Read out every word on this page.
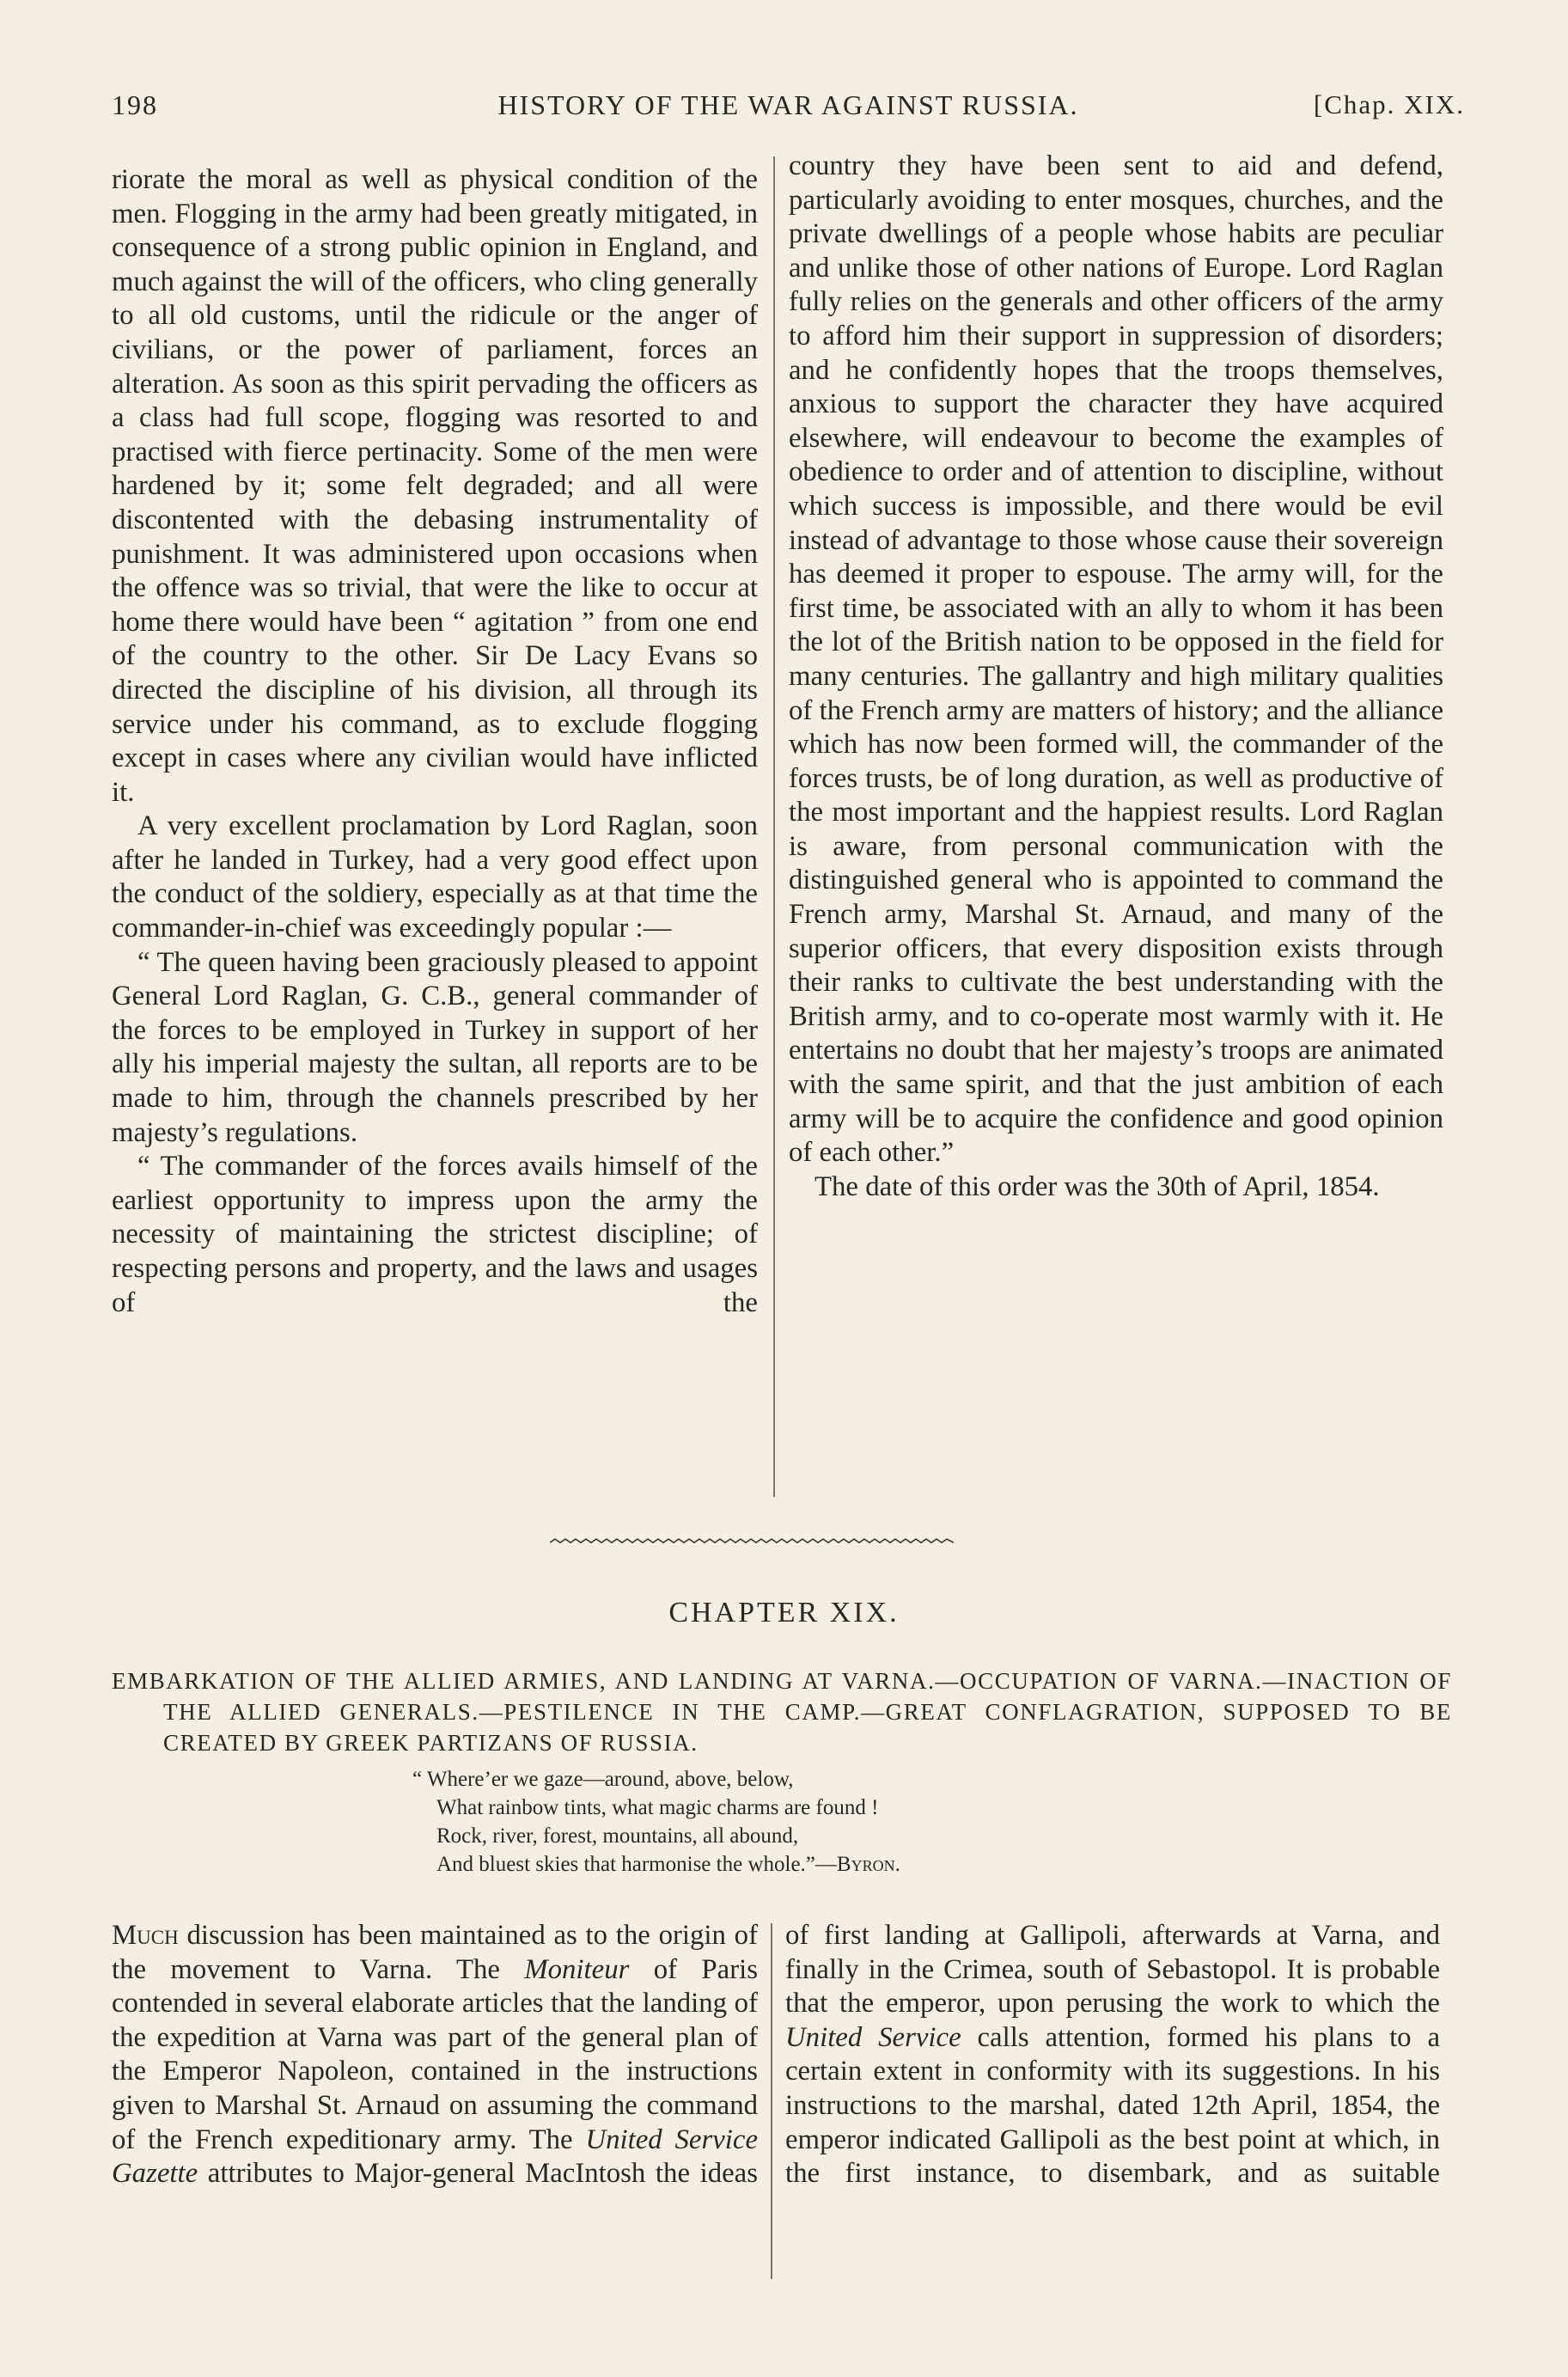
198	HISTORY OF THE WAR AGAINST RUSSIA.	[Chap. XIX.

riorate the moral as well as physical condition of the men. Flogging in the army had been greatly mitigated, in consequence of a strong public opinion in England, and much against the will of the officers, who cling generally to all old customs, until the ridicule or the anger of civilians, or the power of parliament, forces an alteration. As soon as this spirit pervading the officers as a class had full scope, flogging was resorted to and practised with fierce pertinacity. Some of the men were hardened by it; some felt degraded; and all were discontented with the debasing instrumentality of punishment. It was administered upon occasions when the offence was so trivial, that were the like to occur at home there would have been “ agitation ” from one end of the country to the other. Sir De Lacy Evans so directed the discipline of his division, all through its service under his command, as to exclude flogging except in cases where any civilian would have inflicted it.

A very excellent proclamation by Lord Raglan, soon after he landed in Turkey, had a very good effect upon the conduct of the soldiery, especially as at that time the commander-in-chief was exceedingly popular :—

“ The queen having been graciously pleased to appoint General Lord Raglan, G. C.B., general commander of the forces to be employed in Turkey in support of her ally his imperial majesty the sultan, all reports are to be made to him, through the channels prescribed by her majesty’s regulations.

“ The commander of the forces avails himself of the earliest opportunity to impress upon the army the necessity of maintaining the strictest discipline; of respecting persons and property, and the laws and usages of the

country they have been sent to aid and defend, particularly avoiding to enter mosques, churches, and the private dwellings of a people whose habits are peculiar and unlike those of other nations of Europe. Lord Raglan fully relies on the generals and other officers of the army to afford him their support in suppression of disorders; and he confidently hopes that the troops themselves, anxious to support the character they have acquired elsewhere, will endeavour to become the examples of obedience to order and of attention to discipline, without which success is impossible, and there would be evil instead of advantage to those whose cause their sovereign has deemed it proper to espouse. The army will, for the first time, be associated with an ally to whom it has been the lot of the British nation to be opposed in the field for many centuries. The gallantry and high military qualities of the French army are matters of history; and the alliance which has now been formed will, the commander of the forces trusts, be of long duration, as well as productive of the most important and the happiest results. Lord Raglan is aware, from personal communication with the distinguished general who is appointed to command the French army, Marshal St. Arnaud, and many of the superior officers, that every disposition exists through their ranks to cultivate the best understanding with the British army, and to co-operate most warmly with it. He entertains no doubt that her majesty’s troops are animated with the same spirit, and that the just ambition of each army will be to acquire the confidence and good opinion of each other.”

The date of this order was the 30th of April, 1854.

CHAPTER XIX.

EMBARKATION OF THE ALLIED ARMIES, AND LANDING AT VARNA.—OCCUPATION OF VARNA.—INACTION OF THE ALLIED GENERALS.—PESTILENCE IN THE CAMP.—GREAT CONFLAGRATION, SUPPOSED TO BE CREATED BY GREEK PARTIZANS OF RUSSIA.

“ Where’er we gaze—around, above, below,
What rainbow tints, what magic charms are found !
Rock, river, forest, mountains, all abound,
And bluest skies that harmonise the whole.”—Byron.

Much discussion has been maintained as to the origin of the movement to Varna. The Moniteur of Paris contended in several elaborate articles that the landing of the expedition at Varna was part of the general plan of the Emperor Napoleon, contained in the instructions given to Marshal St. Arnaud on assuming the command of the French expeditionary army. The United Service Gazette attributes to Major-general MacIntosh the ideas

of first landing at Gallipoli, afterwards at Varna, and finally in the Crimea, south of Sebastopol. It is probable that the emperor, upon perusing the work to which the United Service calls attention, formed his plans to a certain extent in conformity with its suggestions. In his instructions to the marshal, dated 12th April, 1854, the emperor indicated Gallipoli as the best point at which, in the first instance, to disembark, and as suitable
